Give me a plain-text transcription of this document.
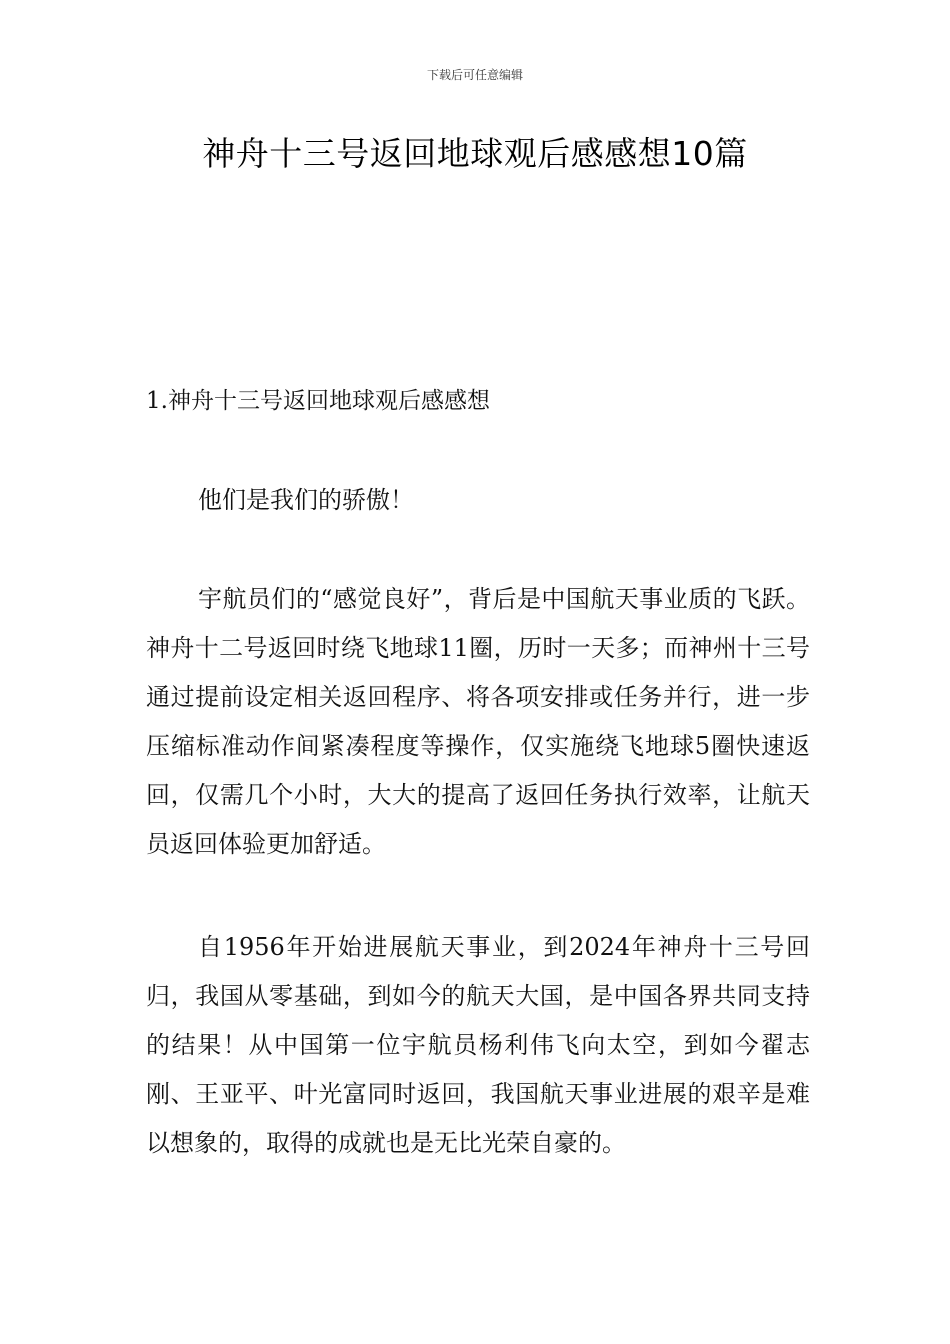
下载后可任意编辑
神舟十三号返回地球观后感感想10篇
1.神舟十三号返回地球观后感感想

他们是我们的骄傲！

宇航员们的“感觉良好”，背后是中国航天事业质的飞跃。神舟十二号返回时绕飞地球11圈，历时一天多；而神州十三号通过提前设定相关返回程序、将各项安排或任务并行，进一步压缩标准动作间紧凑程度等操作，仅实施绕飞地球5圈快速返回，仅需几个小时，大大的提高了返回任务执行效率，让航天员返回体验更加舒适。

自1956年开始进展航天事业，到2024年神舟十三号回归，我国从零基础，到如今的航天大国，是中国各界共同支持的结果！从中国第一位宇航员杨利伟飞向太空，到如今翟志刚、王亚平、叶光富同时返回，我国航天事业进展的艰辛是难以想象的，取得的成就也是无比光荣自豪的。
